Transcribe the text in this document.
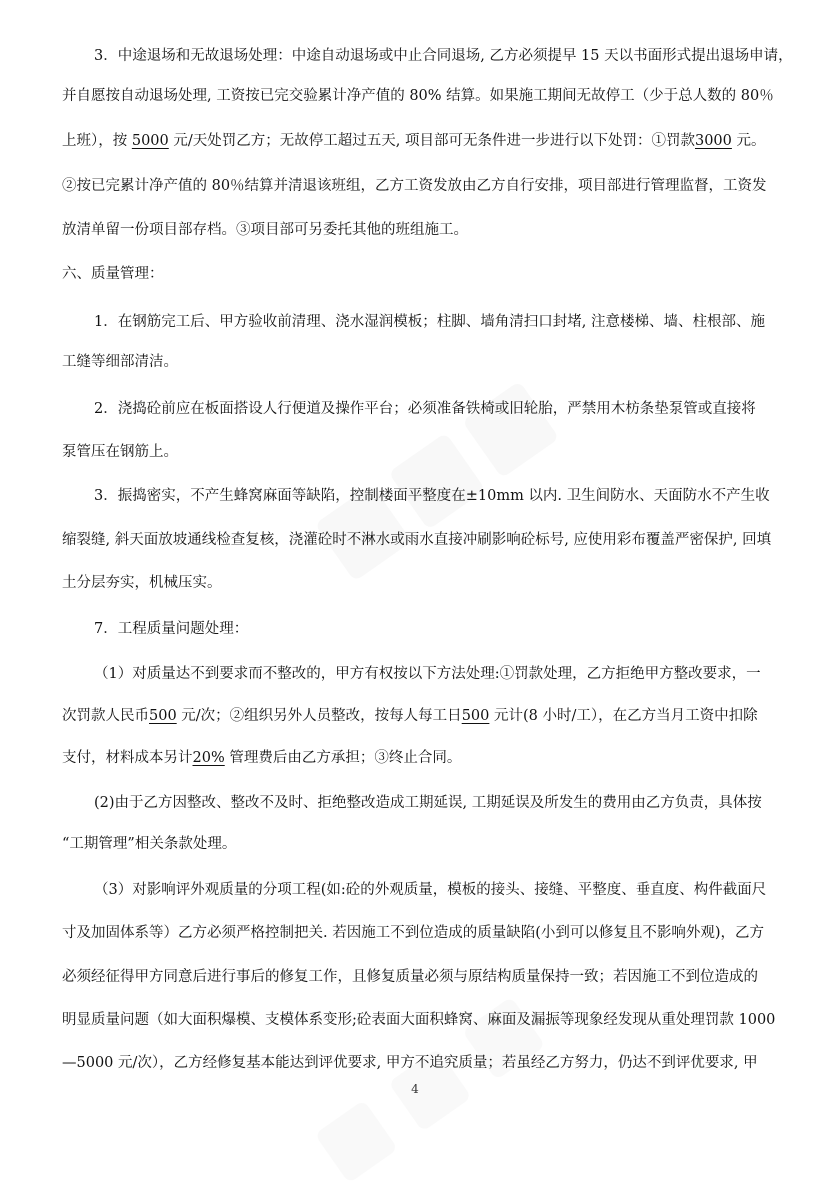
3．中途退场和无故退场处理：中途自动退场或中止合同退场, 乙方必须提早 15 天以书面形式提出退场申请，
并自愿按自动退场处理, 工资按已完交验累计净产值的 80% 结算。如果施工期间无故停工（少于总人数的 80％
上班），按 5000 元/天处罚乙方；无故停工超过五天, 项目部可无条件进一步进行以下处罚：①罚款3000 元。
②按已完累计净产值的 80％结算并清退该班组，乙方工资发放由乙方自行安排，项目部进行管理监督，工资发
放清单留一份项目部存档。③项目部可另委托其他的班组施工。
六、质量管理：
1．在钢筋完工后、甲方验收前清理、浇水湿润模板；柱脚、墙角清扫口封堵, 注意楼梯、墙、柱根部、施
工缝等细部清洁。
2．浇捣砼前应在板面搭设人行便道及操作平台；必须准备铁椅或旧轮胎，严禁用木枋条垫泵管或直接将
泵管压在钢筋上。
3．振捣密实，不产生蜂窝麻面等缺陷，控制楼面平整度在±10mm 以内. 卫生间防水、天面防水不产生收
缩裂缝, 斜天面放坡通线检查复核，浇灌砼时不淋水或雨水直接冲刷影响砼标号, 应使用彩布覆盖严密保护, 回填
土分层夯实，机械压实。
7．工程质量问题处理：
（1）对质量达不到要求而不整改的，甲方有权按以下方法处理:①罚款处理，乙方拒绝甲方整改要求，一
次罚款人民币500 元/次；②组织另外人员整改，按每人每工日500 元计(8 小时/工），在乙方当月工资中扣除
支付，材料成本另计20% 管理费后由乙方承担；③终止合同。
(2)由于乙方因整改、整改不及时、拒绝整改造成工期延误, 工期延误及所发生的费用由乙方负责，具体按
“工期管理”相关条款处理。
（3）对影响评外观质量的分项工程(如:砼的外观质量，模板的接头、接缝、平整度、垂直度、构件截面尺
寸及加固体系等）乙方必须严格控制把关. 若因施工不到位造成的质量缺陷(小到可以修复且不影响外观)，乙方
必须经征得甲方同意后进行事后的修复工作，且修复质量必须与原结构质量保持一致；若因施工不到位造成的
明显质量问题（如大面积爆模、支模体系变形;砼表面大面积蜂窝、麻面及漏振等现象经发现从重处理罚款 1000
—5000 元/次），乙方经修复基本能达到评优要求, 甲方不追究质量；若虽经乙方努力，仍达不到评优要求, 甲
4
